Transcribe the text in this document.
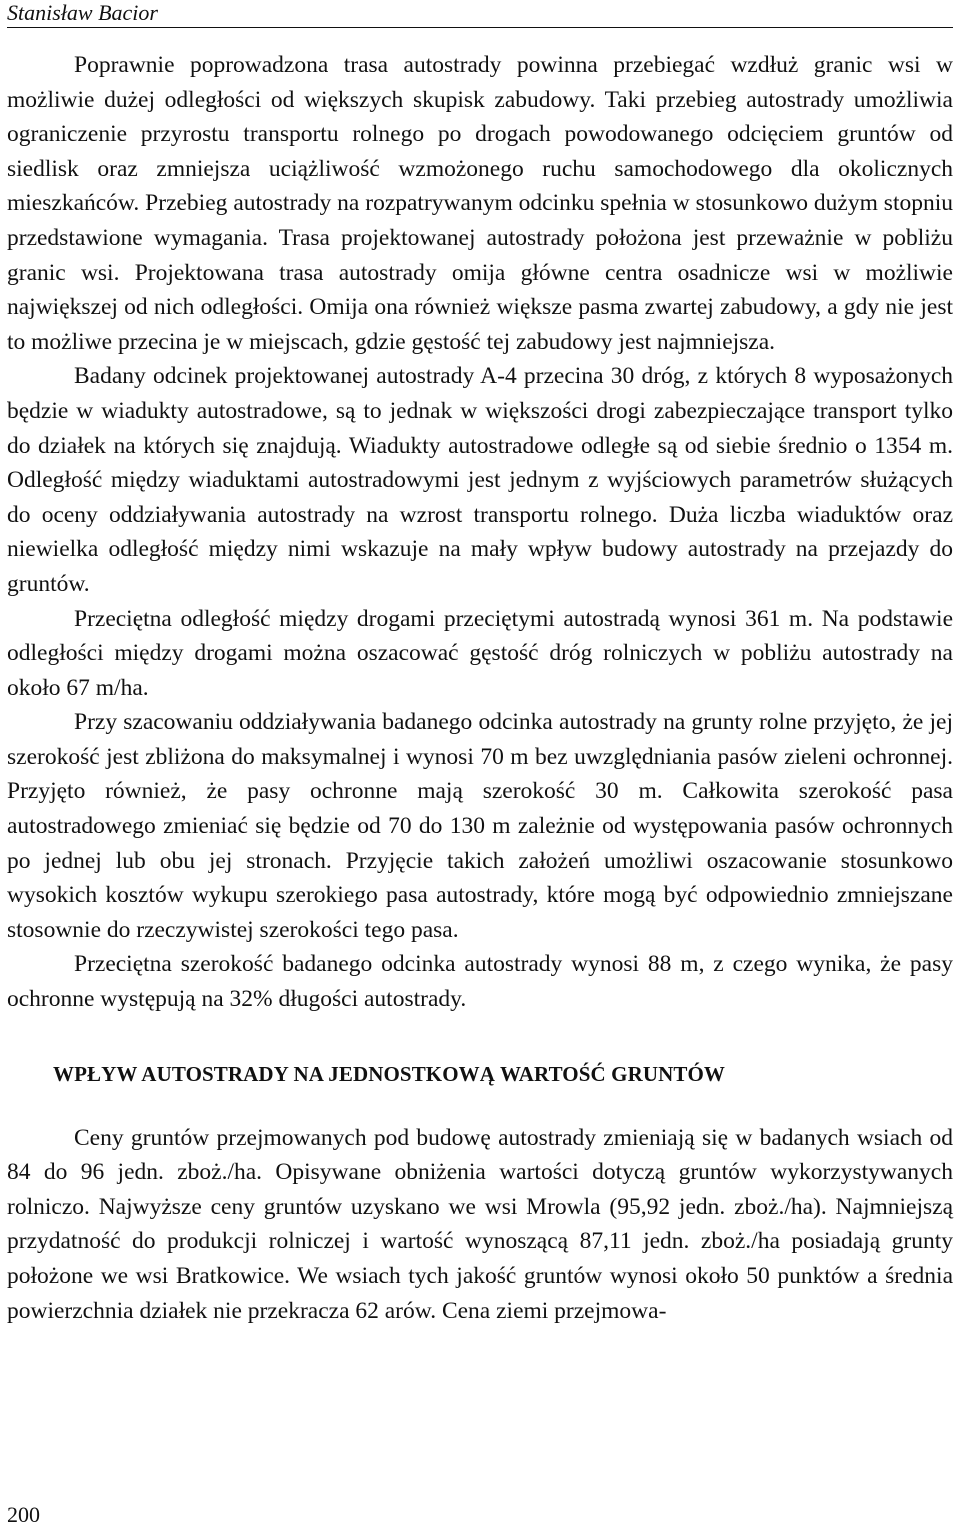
Stanisław Bacior

Poprawnie poprowadzona trasa autostrady powinna przebiegać wzdłuż granic wsi w możliwie dużej odległości od większych skupisk zabudowy. Taki przebieg autostrady umożliwia ograniczenie przyrostu transportu rolnego po drogach powodowanego odcięciem gruntów od siedlisk oraz zmniejsza uciążliwość wzmożonego ruchu samochodowego dla okolicznych mieszkańców. Przebieg autostrady na rozpatrywanym odcinku spełnia w stosunkowo dużym stopniu przedstawione wymagania. Trasa projektowanej autostrady położona jest przeważnie w pobliżu granic wsi. Projektowana trasa autostrady omija główne centra osadnicze wsi w możliwie największej od nich odległości. Omija ona również większe pasma zwartej zabudowy, a gdy nie jest to możliwe przecina je w miejscach, gdzie gęstość tej zabudowy jest najmniejsza.

Badany odcinek projektowanej autostrady A-4 przecina 30 dróg, z których 8 wyposażonych będzie w wiadukty autostradowe, są to jednak w większości drogi zabezpieczające transport tylko do działek na których się znajdują. Wiadukty autostradowe odległe są od siebie średnio o 1354 m. Odległość między wiaduktami autostradowymi jest jednym z wyjściowych parametrów służących do oceny oddziaływania autostrady na wzrost transportu rolnego. Duża liczba wiaduktów oraz niewielka odległość między nimi wskazuje na mały wpływ budowy autostrady na przejazdy do gruntów.

Przeciętna odległość między drogami przeciętymi autostradą wynosi 361 m. Na podstawie odległości między drogami można oszacować gęstość dróg rolniczych w pobliżu autostrady na około 67 m/ha.

Przy szacowaniu oddziaływania badanego odcinka autostrady na grunty rolne przyjęto, że jej szerokość jest zbliżona do maksymalnej i wynosi 70 m bez uwzględniania pasów zieleni ochronnej. Przyjęto również, że pasy ochronne mają szerokość 30 m. Całkowita szerokość pasa autostradowego zmieniać się będzie od 70 do 130 m zależnie od występowania pasów ochronnych po jednej lub obu jej stronach. Przyjęcie takich założeń umożliwi oszacowanie stosunkowo wysokich kosztów wykupu szerokiego pasa autostrady, które mogą być odpowiednio zmniejszane stosownie do rzeczywistej szerokości tego pasa.

Przeciętna szerokość badanego odcinka autostrady wynosi 88 m, z czego wynika, że pasy ochronne występują na 32% długości autostrady.

WPŁYW AUTOSTRADY NA JEDNOSTKOWĄ WARTOŚĆ GRUNTÓW

Ceny gruntów przejmowanych pod budowę autostrady zmieniają się w badanych wsiach od 84 do 96 jedn. zboż./ha. Opisywane obniżenia wartości dotyczą gruntów wykorzystywanych rolniczo. Najwyższe ceny gruntów uzyskano we wsi Mrowla (95,92 jedn. zboż./ha). Najmniejszą przydatność do produkcji rolniczej i wartość wynoszącą 87,11 jedn. zboż./ha posiadają grunty położone we wsi Bratkowice. We wsiach tych jakość gruntów wynosi około 50 punktów a średnia powierzchnia działek nie przekracza 62 arów. Cena ziemi przejmowa-

200
